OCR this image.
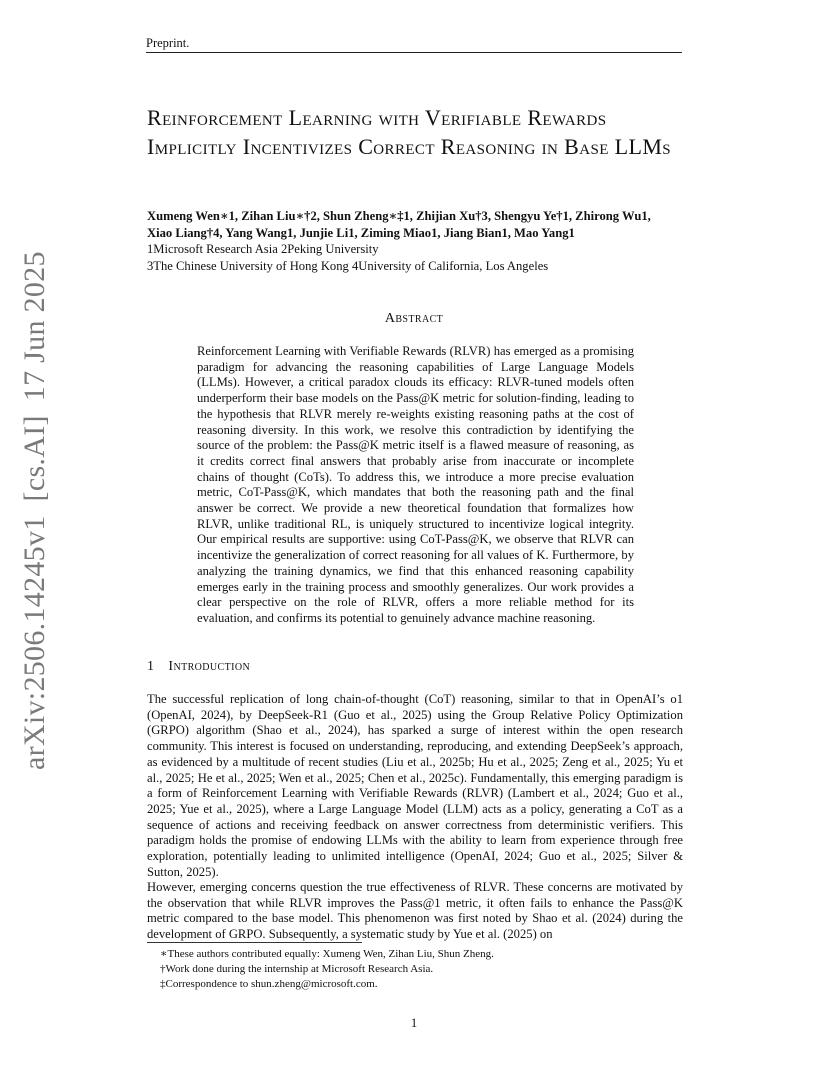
Preprint.
arXiv:2506.14245v1[cs.AI]17 Jun 2025
Reinforcement Learning with Verifiable Rewards Implicitly Incentivizes Correct Reasoning in Base LLMs
Xumeng Wen∗1, Zihan Liu∗†2, Shun Zheng∗‡1, Zhijian Xu†3, Shengyu Ye†1, Zhirong Wu1,
Xiao Liang†4, Yang Wang1, Junjie Li1, Ziming Miao1, Jiang Bian1, Mao Yang1
1Microsoft Research Asia 2Peking University
3The Chinese University of Hong Kong 4University of California, Los Angeles
Abstract
Reinforcement Learning with Verifiable Rewards (RLVR) has emerged as a promising paradigm for advancing the reasoning capabilities of Large Language Models (LLMs). However, a critical paradox clouds its efficacy: RLVR-tuned models often underperform their base models on the Pass@K metric for solution-finding, leading to the hypothesis that RLVR merely re-weights existing reasoning paths at the cost of reasoning diversity. In this work, we resolve this contradiction by identifying the source of the problem: the Pass@K metric itself is a flawed measure of reasoning, as it credits correct final answers that probably arise from inaccurate or incomplete chains of thought (CoTs). To address this, we introduce a more precise evaluation metric, CoT-Pass@K, which mandates that both the reasoning path and the final answer be correct. We provide a new theoretical foundation that formalizes how RLVR, unlike traditional RL, is uniquely structured to incentivize logical integrity. Our empirical results are supportive: using CoT-Pass@K, we observe that RLVR can incentivize the generalization of correct reasoning for all values of K. Furthermore, by analyzing the training dynamics, we find that this enhanced reasoning capability emerges early in the training process and smoothly generalizes. Our work provides a clear perspective on the role of RLVR, offers a more reliable method for its evaluation, and confirms its potential to genuinely advance machine reasoning.
1 Introduction
The successful replication of long chain-of-thought (CoT) reasoning, similar to that in OpenAI’s o1 (OpenAI, 2024), by DeepSeek-R1 (Guo et al., 2025) using the Group Relative Policy Optimization (GRPO) algorithm (Shao et al., 2024), has sparked a surge of interest within the open research community. This interest is focused on understanding, reproducing, and extending DeepSeek’s approach, as evidenced by a multitude of recent studies (Liu et al., 2025b; Hu et al., 2025; Zeng et al., 2025; Yu et al., 2025; He et al., 2025; Wen et al., 2025; Chen et al., 2025c). Fundamentally, this emerging paradigm is a form of Reinforcement Learning with Verifiable Rewards (RLVR) (Lambert et al., 2024; Guo et al., 2025; Yue et al., 2025), where a Large Language Model (LLM) acts as a policy, generating a CoT as a sequence of actions and receiving feedback on answer correctness from deterministic verifiers. This paradigm holds the promise of endowing LLMs with the ability to learn from experience through free exploration, potentially leading to unlimited intelligence (OpenAI, 2024; Guo et al., 2025; Silver & Sutton, 2025).
However, emerging concerns question the true effectiveness of RLVR. These concerns are motivated by the observation that while RLVR improves the Pass@1 metric, it often fails to enhance the Pass@K metric compared to the base model. This phenomenon was first noted by Shao et al. (2024) during the development of GRPO. Subsequently, a systematic study by Yue et al. (2025) on
∗These authors contributed equally: Xumeng Wen, Zihan Liu, Shun Zheng.
†Work done during the internship at Microsoft Research Asia.
‡Correspondence to shun.zheng@microsoft.com.
1
